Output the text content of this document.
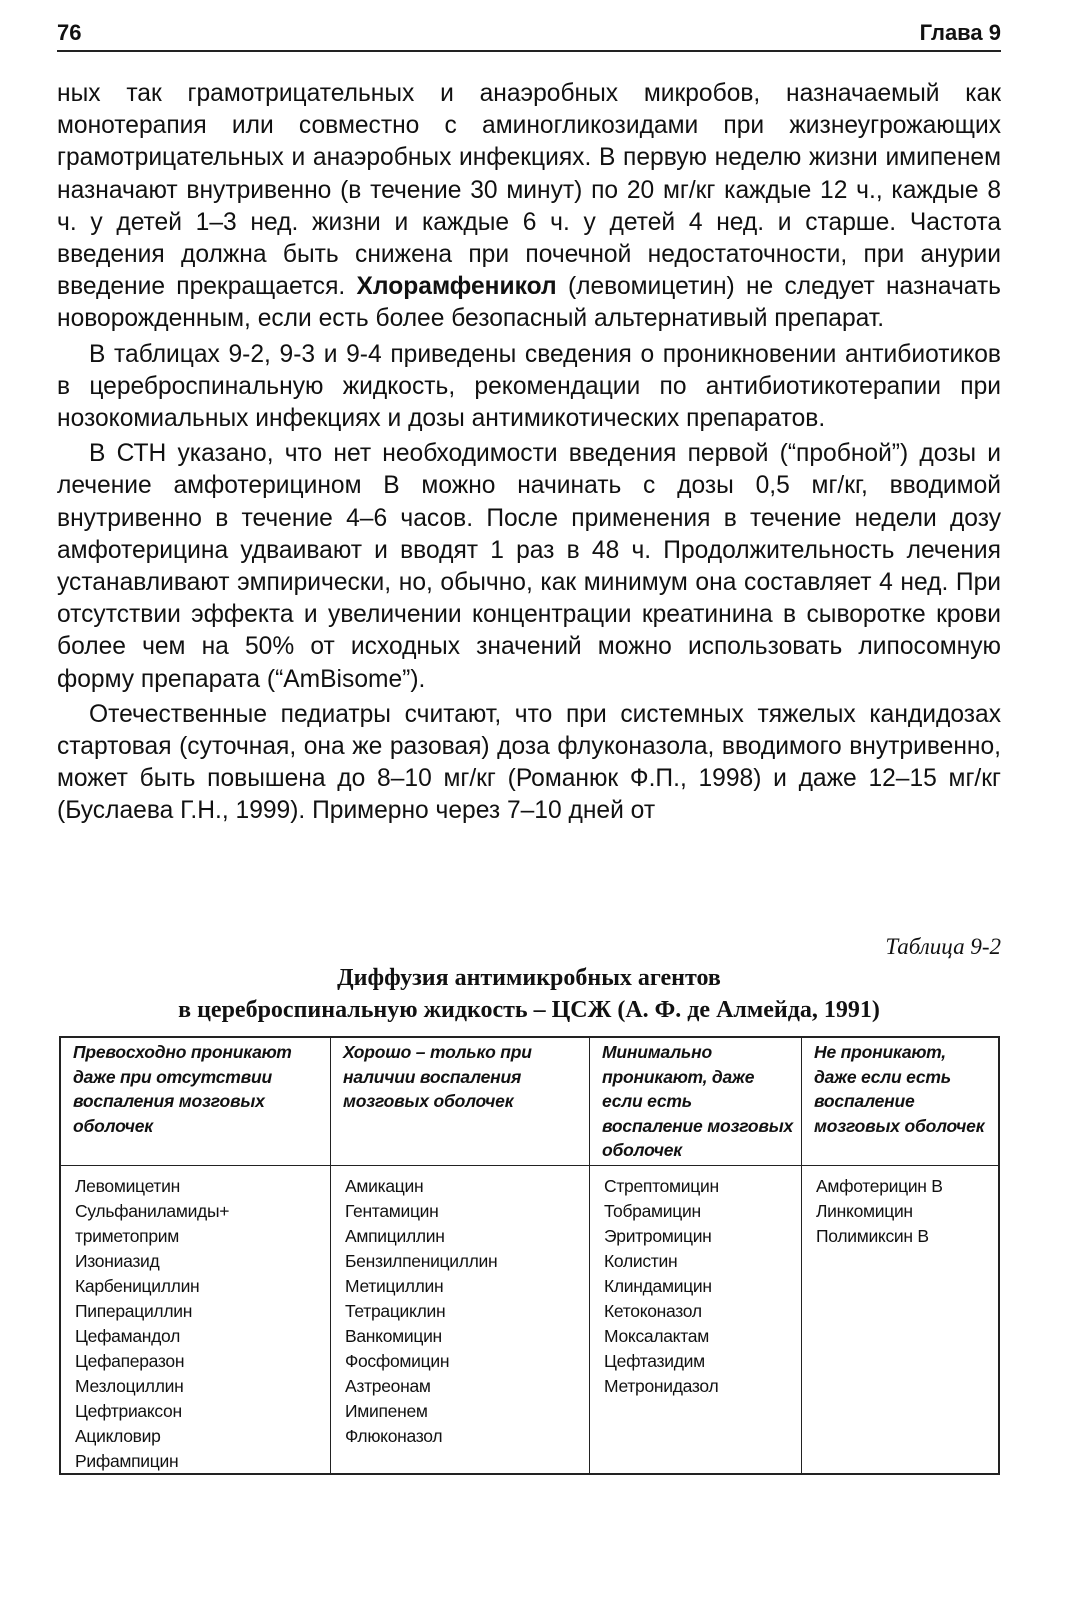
76	Глава 9

ных так грамотрицательных и анаэробных микробов, назначаемый как монотерапия или совместно с аминогликозидами при жизнеугрожающих грамотрицательных и анаэробных инфекциях. В первую неделю жизни имипенем назначают внутривенно (в течение 30 минут) по 20 мг/кг каждые 12 ч., каждые 8 ч. у детей 1–3 нед. жизни и каждые 6 ч. у детей 4 нед. и старше. Частота введения должна быть снижена при почечной недостаточности, при анурии введение прекращается. Хлорамфеникол (левомицетин) не следует назначать новорожденным, если есть более безопасный альтернативый препарат.

В таблицах 9-2, 9-3 и 9-4 приведены сведения о проникновении антибиотиков в цереброспинальную жидкость, рекомендации по антибиотикотерапии при нозокомиальных инфекциях и дозы антимикотических препаратов.

В СТН указано, что нет необходимости введения первой (“пробной”) дозы и лечение амфотерицином В можно начинать с дозы 0,5 мг/кг, вводимой внутривенно в течение 4–6 часов. После применения в течение недели дозу амфотерицина удваивают и вводят 1 раз в 48 ч. Продолжительность лечения устанавливают эмпирически, но, обычно, как минимум она составляет 4 нед. При отсутствии эффекта и увеличении концентрации креатинина в сыворотке крови более чем на 50% от исходных значений можно использовать липосомную форму препарата (“AmBisome”).

Отечественные педиатры считают, что при системных тяжелых кандидозах стартовая (суточная, она же разовая) доза флуконазола, вводимого внутривенно, может быть повышена до 8–10 мг/кг (Романюк Ф.П., 1998) и даже 12–15 мг/кг (Буслаева Г.Н., 1999). Примерно через 7–10 дней от

Таблица 9-2
Диффузия антимикробных агентов
в цереброспинальную жидкость – ЦСЖ (А. Ф. де Алмейда, 1991)
Превосходно проникают даже при отсутствии воспаления мозговых оболочек
Левомицетин
Сульфаниламиды+
триметоприм
Изониазид
Карбенициллин
Пиперациллин
Цефамандол
Цефаперазон
Мезлоциллин
Цефтриаксон
Ацикловир
Рифампицин
Хорошо – только при наличии воспаления мозговых оболочек
Амикацин
Гентамицин
Ампициллин
Бензилпенициллин
Метициллин
Тетрациклин
Ванкомицин
Фосфомицин
Азтреонам
Имипенем
Флюконазол
Минимально проникают, даже если есть воспаление мозговых оболочек
Стрептомицин
Тобрамицин
Эритромицин
Колистин
Клиндамицин
Кетоконазол
Моксалактам
Цефтазидим
Метронидазол
Не проникают, даже если есть воспаление мозговых оболочек
Амфотерицин В
Линкомицин
Полимиксин В
